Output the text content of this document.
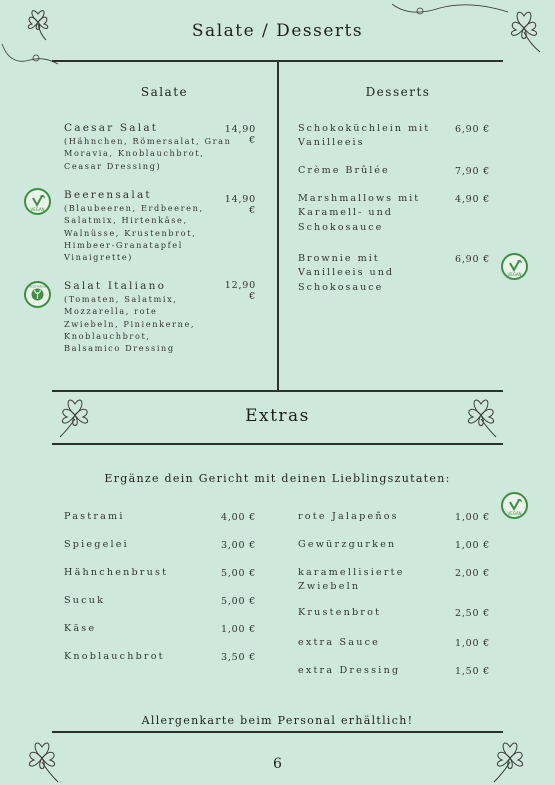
Salate / Desserts
Salate
Caesar Salat
(Hähnchen, Römersalat, Gran
Moravia, Knoblauchbrot,
Ceasar Dressing)
14,90 €
VEGAN
Beerensalat
(Blaubeeren, Erdbeeren,
Salatmix, Hirtenkäse,
Walnüsse, Krustenbrot,
Himbeer-Granatapfel
Vinaigrette)
14,90 €
VEGETARIAN Salat Italiano
(Tomaten, Salatmix,
Mozzarella, rote
Zwiebeln, Pinienkerne,
Knoblauchbrot,
Balsamico Dressing
12,90 €
Desserts
Schokoküchlein mit
Vanilleeis
6,90 €
Crème Brûlée	7,90 €
Marshmallows mit
Karamell- und
Schokosauce
4,90 €
Brownie mit
Vanilleeis und
Schokosauce
6,90 €
VEGAN
Extras
Ergänze dein Gericht mit deinen Lieblingszutaten:
VEGAN
Pastrami	4,00 €
Spiegelei	3,00 €
Hähnchenbrust	5,00 €
Sucuk	5,00 €
Käse	1,00 €
Knoblauchbrot	3,50 €
rote Jalapeños	1,00 €
Gewürzgurken	1,00 €
karamellisierte
Zwiebeln
2,00 €
Krustenbrot	2,50 €
extra Sauce	1,00 €
extra Dressing	1,50 €
Allergenkarte beim Personal erhältlich!
6
